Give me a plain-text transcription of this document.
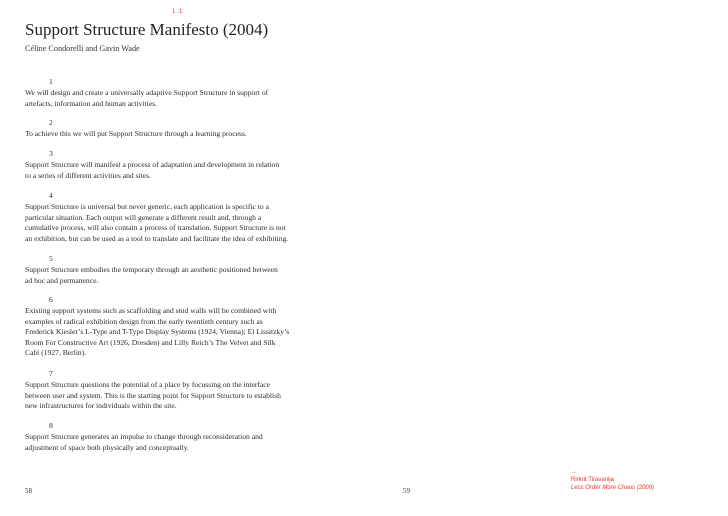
1.1
Support Structure Manifesto (2004)
Céline Condorelli and Gavin Wade
1
We will design and create a universally adaptive Support Structure in support of
artefacts, information and human activities.
2
To achieve this we will put Support Structure through a learning process.
3
Support Structure will manifest a process of adaptation and development in relation
to a series of different activities and sites.
4
Support Structure is universal but never generic, each application is specific to a
particular situation. Each output will generate a different result and, through a
cumulative process, will also contain a process of translation. Support Structure is not
an exhibition, but can be used as a tool to translate and facilitate the idea of exhibiting.
5
Support Structure embodies the temporary through an aesthetic positioned between
ad hoc and permanence.
6
Existing support systems such as scaffolding and stud walls will be combined with
examples of radical exhibition design from the early twentieth century such as
Frederick Kiesler’s L-Type and T-Type Display Systems (1924, Vienna); El Lissitzky’s
Room For Constructive Art (1926, Dresden) and Lilly Reich’s The Velvet and Silk
Café (1927, Berlin).
7
Support Structure questions the potential of a place by focussing on the interface
between user and system. This is the starting point for Support Structure to establish
new infrastructures for individuals within the site.
8
Support Structure generates an impulse to change through reconsideration and
adjustment of space both physically and conceptually.
58	59
→
Rirkrit Tiravanija
Less Order More Chaos (2009)
